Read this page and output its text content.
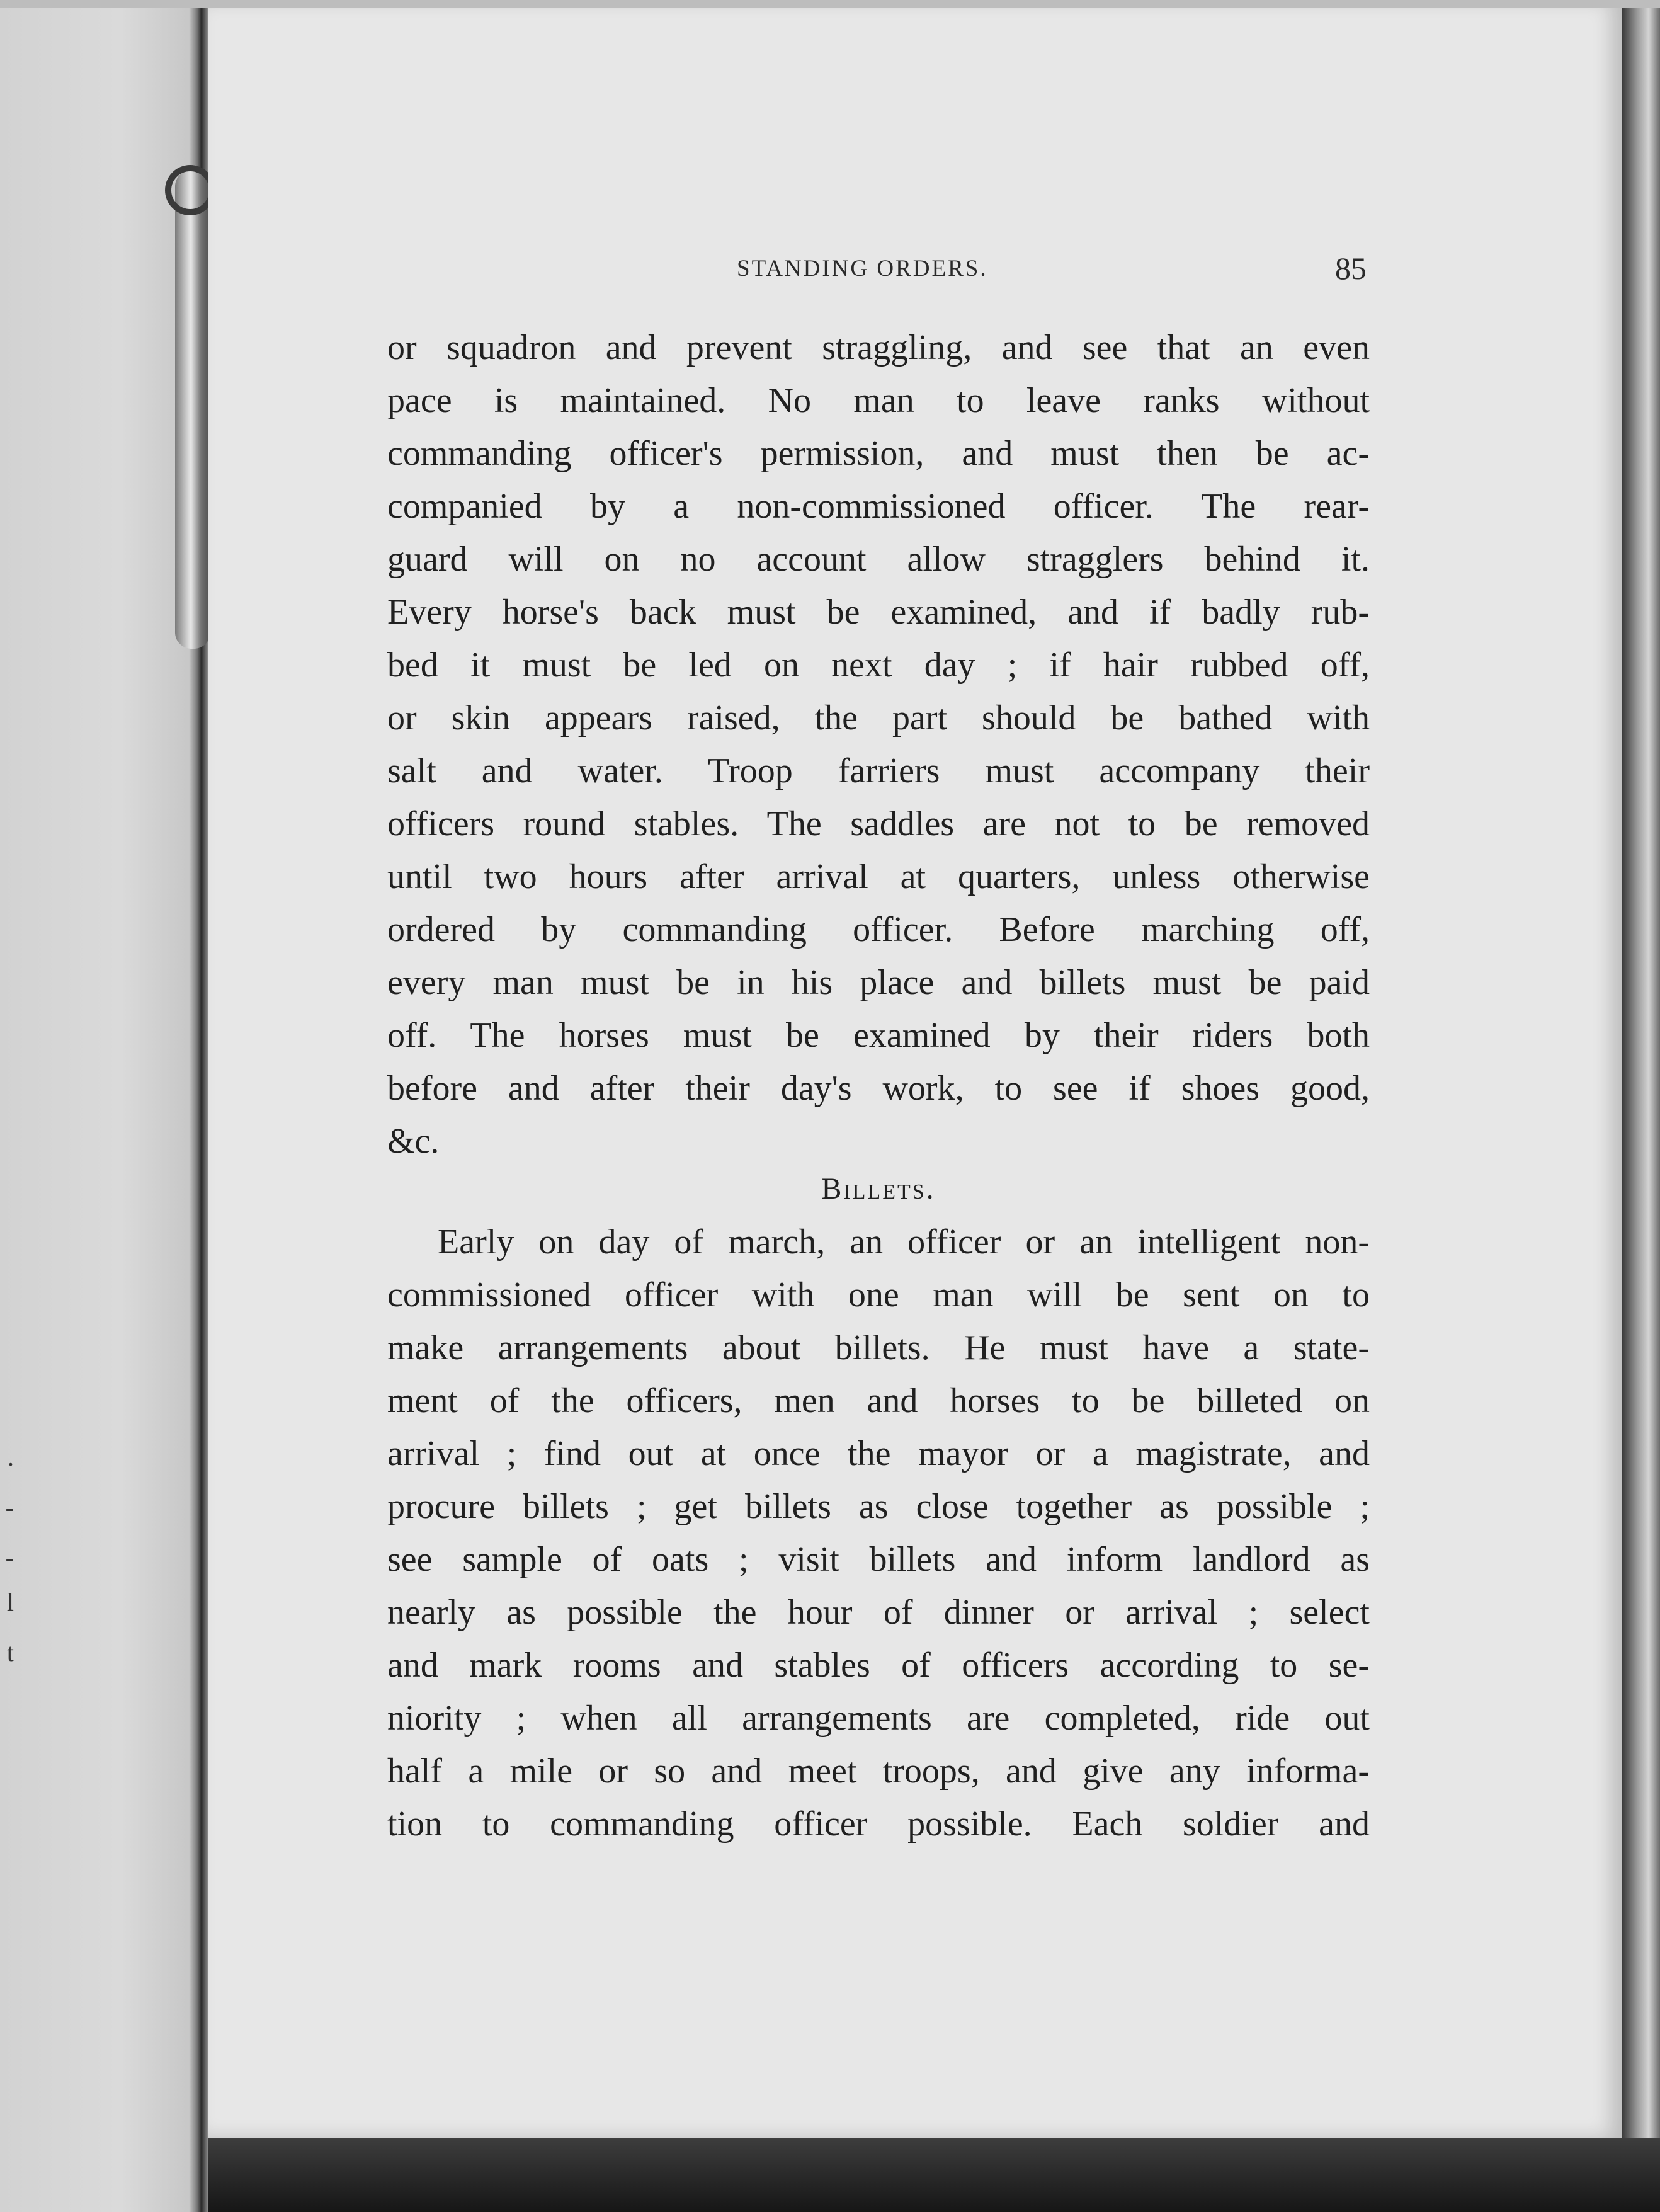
.
-
-
l
t
STANDING ORDERS.	85
or squadron and prevent straggling, and see that an even
pace is maintained. No man to leave ranks without
commanding officer's permission, and must then be ac-
companied by a non-commissioned officer. The rear-
guard will on no account allow stragglers behind it.
Every horse's back must be examined, and if badly rub-
bed it must be led on next day ; if hair rubbed off,
or skin appears raised, the part should be bathed with
salt and water. Troop farriers must accompany their
officers round stables. The saddles are not to be removed
until two hours after arrival at quarters, unless otherwise
ordered by commanding officer. Before marching off,
every man must be in his place and billets must be paid
off. The horses must be examined by their riders both
before and after their day's work, to see if shoes good,
&c.
Billets.
Early on day of march, an officer or an intelligent non-
commissioned officer with one man will be sent on to
make arrangements about billets. He must have a state-
ment of the officers, men and horses to be billeted on
arrival ; find out at once the mayor or a magistrate, and
procure billets ; get billets as close together as possible ;
see sample of oats ; visit billets and inform landlord as
nearly as possible the hour of dinner or arrival ; select
and mark rooms and stables of officers according to se-
niority ; when all arrangements are completed, ride out
half a mile or so and meet troops, and give any informa-
tion to commanding officer possible. Each soldier and
